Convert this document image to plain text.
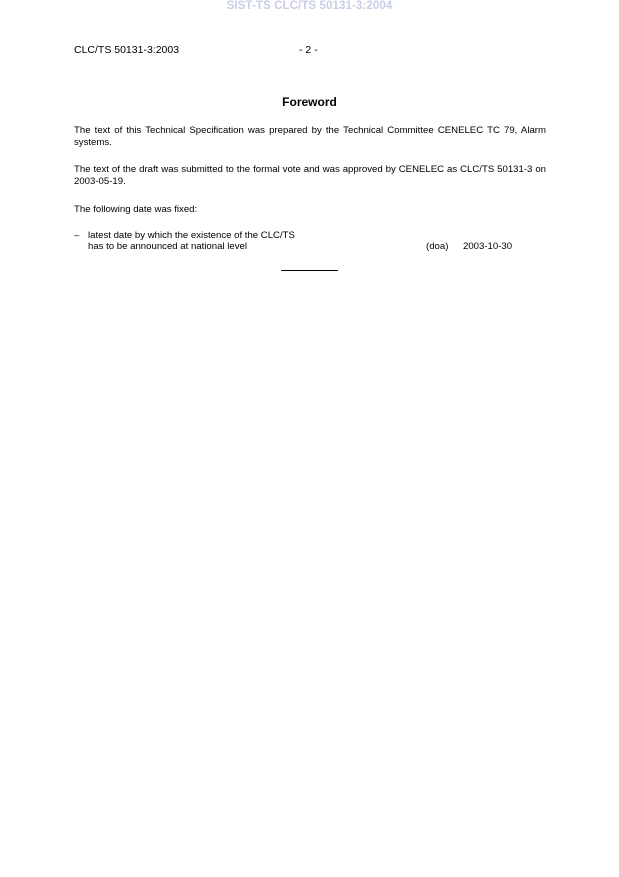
SIST-TS CLC/TS 50131-3:2004
CLC/TS 50131-3:2003	- 2 -
Foreword
The text of this Technical Specification was prepared by the Technical Committee CENELEC TC 79, Alarm systems.
The text of the draft was submitted to the formal vote and was approved by CENELEC as CLC/TS 50131-3 on 2003-05-19.
The following date was fixed:
– latest date by which the existence of the CLC/TS
has to be announced at national level	(doa) 2003-10-30
